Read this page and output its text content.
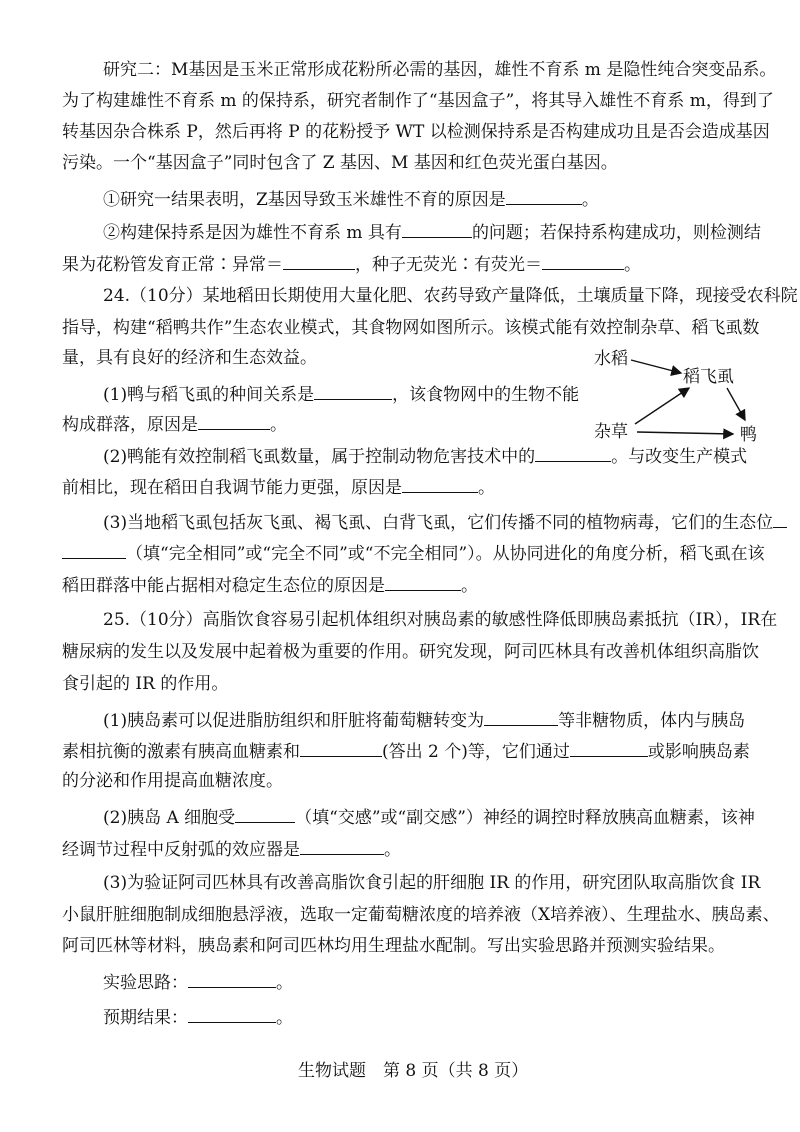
研究二：M基因是玉米正常形成花粉所必需的基因，雄性不育系 m 是隐性纯合突变品系。
为了构建雄性不育系 m 的保持系，研究者制作了“基因盒子”，将其导入雄性不育系 m，得到了
转基因杂合株系 P，然后再将 P 的花粉授予 WT 以检测保持系是否构建成功且是否会造成基因
污染。一个“基因盒子”同时包含了 Z 基因、M 基因和红色荧光蛋白基因。
①研究一结果表明，Z基因导致玉米雄性不育的原因是	。
②构建保持系是因为雄性不育系 m 具有	的问题；若保持系构建成功，则检测结
果为花粉管发育正常∶异常＝	，种子无荧光∶有荧光＝	。
24.（10分）某地稻田长期使用大量化肥、农药导致产量降低，土壤质量下降，现接受农科院
指导，构建“稻鸭共作”生态农业模式，其食物网如图所示。该模式能有效控制杂草、稻飞虱数
量，具有良好的经济和生态效益。
(1)鸭与稻飞虱的种间关系是	，该食物网中的生物不能
构成群落，原因是	。
水稻
稻飞虱
杂草	鸭
(2)鸭能有效控制稻飞虱数量，属于控制动物危害技术中的	。与改变生产模式
前相比，现在稻田自我调节能力更强，原因是	。
(3)当地稻飞虱包括灰飞虱、褐飞虱、白背飞虱，它们传播不同的植物病毒，它们的生态位
（填“完全相同”或“完全不同”或“不完全相同”）。从协同进化的角度分析，稻飞虱在该
稻田群落中能占据相对稳定生态位的原因是	。
25.（10分）高脂饮食容易引起机体组织对胰岛素的敏感性降低即胰岛素抵抗（IR），IR在
糖尿病的发生以及发展中起着极为重要的作用。研究发现，阿司匹林具有改善机体组织高脂饮
食引起的 IR 的作用。
(1)胰岛素可以促进脂肪组织和肝脏将葡萄糖转变为	等非糖物质，体内与胰岛
素相抗衡的激素有胰高血糖素和	(答出 2 个)等，它们通过	或影响胰岛素
的分泌和作用提高血糖浓度。
(2)胰岛 A 细胞受	（填“交感”或“副交感”）神经的调控时释放胰高血糖素，该神
经调节过程中反射弧的效应器是	。
(3)为验证阿司匹林具有改善高脂饮食引起的肝细胞 IR 的作用，研究团队取高脂饮食 IR
小鼠肝脏细胞制成细胞悬浮液，选取一定葡萄糖浓度的培养液（X培养液）、生理盐水、胰岛素、
阿司匹林等材料，胰岛素和阿司匹林均用生理盐水配制。写出实验思路并预测实验结果。
实验思路：	。
预期结果：	。
生物试题　第 8 页（共 8 页）
